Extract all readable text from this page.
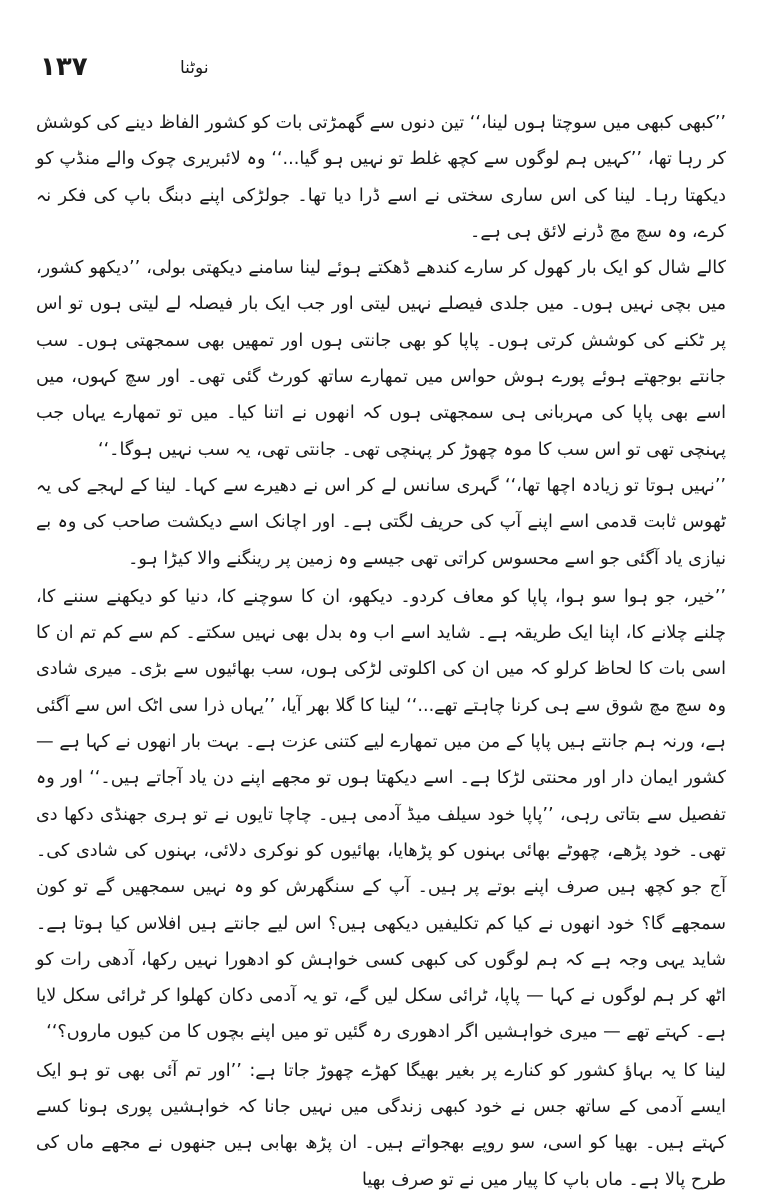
۱۳۷	نوٹنا

’’کبھی کبھی میں سوچتا ہوں لینا،‘‘ تین دنوں سے گھمڑتی بات کو کشور الفاظ دینے کی کوشش کر رہا تھا، ’’کہیں ہم لوگوں سے کچھ غلط تو نہیں ہو گیا...‘‘ وہ لائبریری چوک والے منڈپ کو دیکھتا رہا۔ لینا کی اس ساری سختی نے اسے ڈرا دیا تھا۔ جولڑکی اپنے دبنگ باپ کی فکر نہ کرے، وہ سچ مچ ڈرنے لائق ہی ہے۔

کالے شال کو ایک بار کھول کر سارے کندھے ڈھکتے ہوئے لینا سامنے دیکھتی بولی، ’’دیکھو کشور، میں بچی نہیں ہوں۔ میں جلدی فیصلے نہیں لیتی اور جب ایک بار فیصلہ لے لیتی ہوں تو اس پر ٹکنے کی کوشش کرتی ہوں۔ پاپا کو بھی جانتی ہوں اور تمھیں بھی سمجھتی ہوں۔ سب جانتے بوجھتے ہوئے پورے ہوش حواس میں تمھارے ساتھ کورٹ گئی تھی۔ اور سچ کہوں، میں اسے بھی پاپا کی مہربانی ہی سمجھتی ہوں کہ انھوں نے اتنا کیا۔ میں تو تمھارے یہاں جب پہنچی تھی تو اس سب کا موہ چھوڑ کر پہنچی تھی۔ جانتی تھی، یہ سب نہیں ہوگا۔‘‘

’’نہیں ہوتا تو زیادہ اچھا تھا،‘‘ گہری سانس لے کر اس نے دھیرے سے کہا۔ لینا کے لہجے کی یہ ٹھوس ثابت قدمی اسے اپنے آپ کی حریف لگتی ہے۔ اور اچانک اسے دیکشت صاحب کی وہ بے نیازی یاد آگئی جو اسے محسوس کراتی تھی جیسے وہ زمین پر رینگنے والا کیڑا ہو۔

’’خیر، جو ہوا سو ہوا، پاپا کو معاف کردو۔ دیکھو، ان کا سوچنے کا، دنیا کو دیکھنے سننے کا، چلنے چلانے کا، اپنا ایک طریقہ ہے۔ شاید اسے اب وہ بدل بھی نہیں سکتے۔ کم سے کم تم ان کا اسی بات کا لحاظ کرلو کہ میں ان کی اکلوتی لڑکی ہوں، سب بھائیوں سے بڑی۔ میری شادی وہ سچ مچ شوق سے ہی کرنا چاہتے تھے...‘‘ لینا کا گلا بھر آیا، ’’یہاں ذرا سی اٹک اس سے آگئی ہے، ورنہ ہم جانتے ہیں پاپا کے من میں تمھارے لیے کتنی عزت ہے۔ بہت بار انھوں نے کہا ہے — کشور ایمان دار اور محنتی لڑکا ہے۔ اسے دیکھتا ہوں تو مجھے اپنے دن یاد آجاتے ہیں۔‘‘ اور وہ تفصیل سے بتاتی رہی، ’’پاپا خود سیلف میڈ آدمی ہیں۔ چاچا تایوں نے تو ہری جھنڈی دکھا دی تھی۔ خود پڑھے، چھوٹے بھائی بہنوں کو پڑھایا، بھائیوں کو نوکری دلائی، بہنوں کی شادی کی۔ آج جو کچھ ہیں صرف اپنے بوتے پر ہیں۔ آپ کے سنگھرش کو وہ نہیں سمجھیں گے تو کون سمجھے گا؟ خود انھوں نے کیا کم تکلیفیں دیکھی ہیں؟ اس لیے جانتے ہیں افلاس کیا ہوتا ہے۔ شاید یہی وجہ ہے کہ ہم لوگوں کی کبھی کسی خواہش کو ادھورا نہیں رکھا، آدھی رات کو اٹھ کر ہم لوگوں نے کہا — پاپا، ٹرائی سکل لیں گے، تو یہ آدمی دکان کھلوا کر ٹرائی سکل لایا ہے۔ کہتے تھے — میری خواہشیں اگر ادھوری رہ گئیں تو میں اپنے بچوں کا من کیوں ماروں؟‘‘

لینا کا یہ بہاؤ کشور کو کنارے پر بغیر بھیگا کھڑے چھوڑ جاتا ہے: ’’اور تم آئی بھی تو ہو ایک ایسے آدمی کے ساتھ جس نے خود کبھی زندگی میں نہیں جانا کہ خواہشیں پوری ہونا کسے کہتے ہیں۔ بھیا کو اسی، سو روپے بھجواتے ہیں۔ ان پڑھ بھابی ہیں جنھوں نے مجھے ماں کی طرح پالا ہے۔ ماں باپ کا پیار میں نے تو صرف بھیا
